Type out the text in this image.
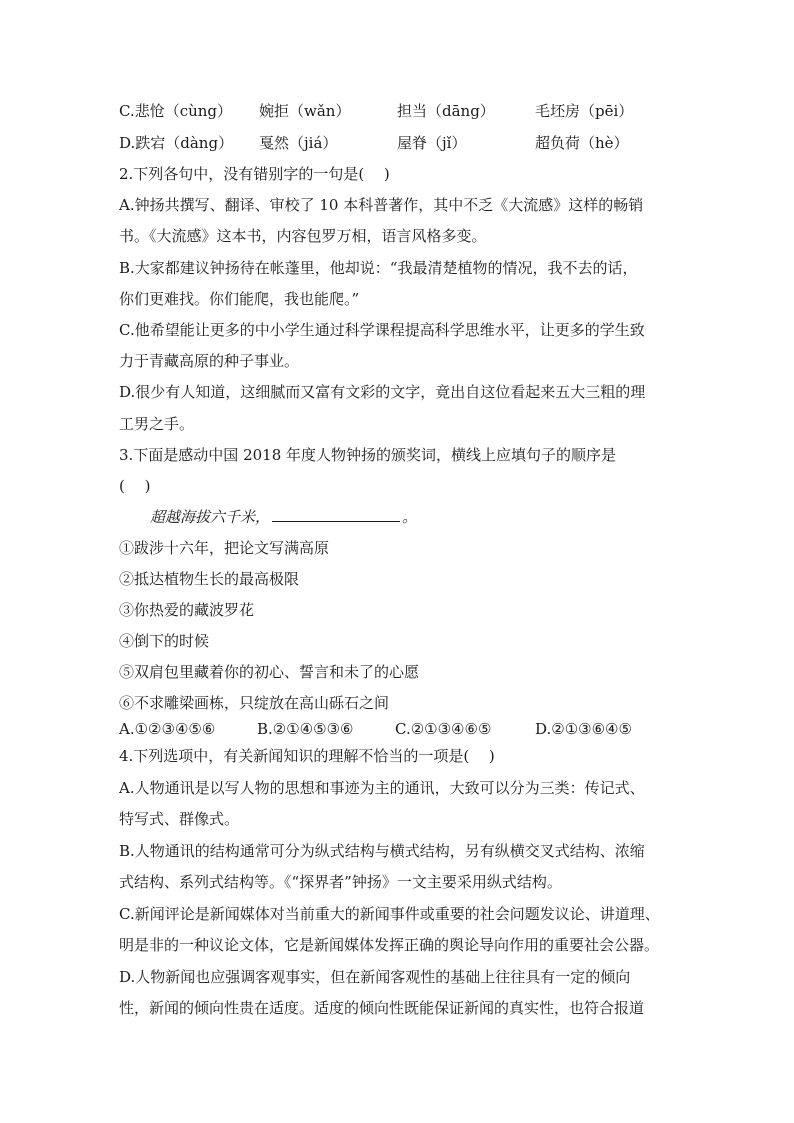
C.悲怆（cùng） 婉拒（wǎn）	担当（dāng）	毛坯房（pēi）
D.跌宕（dàng） 戛然（jiá）	屋脊（jǐ）	超负荷（hè）
2.下列各句中，没有错别字的一句是(　 )
A.钟扬共撰写、翻译、审校了 10 本科普著作，其中不乏《大流感》这样的畅销
书。《大流感》这本书，内容包罗万相，语言风格多变。
B.大家都建议钟扬待在帐蓬里，他却说：“我最清楚植物的情况，我不去的话，
你们更难找。你们能爬，我也能爬。”
C.他希望能让更多的中小学生通过科学课程提高科学思维水平，让更多的学生致
力于青藏高原的种子事业。
D.很少有人知道，这细腻而又富有文彩的文字，竟出自这位看起来五大三粗的理
工男之手。
3.下面是感动中国 2018 年度人物钟扬的颁奖词，横线上应填句子的顺序是
(　 )
超越海拔六千米，	。
①跋涉十六年，把论文写满高原
②抵达植物生长的最高极限
③你热爱的藏波罗花
④倒下的时候
⑤双肩包里藏着你的初心、誓言和未了的心愿
⑥不求雕梁画栋，只绽放在高山砾石之间
A.①②③④⑤⑥	B.②①④⑤③⑥	C.②①③④⑥⑤	D.②①③⑥④⑤
4.下列选项中，有关新闻知识的理解不恰当的一项是(　 )
A.人物通讯是以写人物的思想和事迹为主的通讯，大致可以分为三类：传记式、
特写式、群像式。
B.人物通讯的结构通常可分为纵式结构与横式结构，另有纵横交叉式结构、浓缩
式结构、系列式结构等。《“探界者”钟扬》一文主要采用纵式结构。
C.新闻评论是新闻媒体对当前重大的新闻事件或重要的社会问题发议论、讲道理、
明是非的一种议论文体，它是新闻媒体发挥正确的舆论导向作用的重要社会公器。
D.人物新闻也应强调客观事实，但在新闻客观性的基础上往往具有一定的倾向
性，新闻的倾向性贵在适度。适度的倾向性既能保证新闻的真实性，也符合报道
